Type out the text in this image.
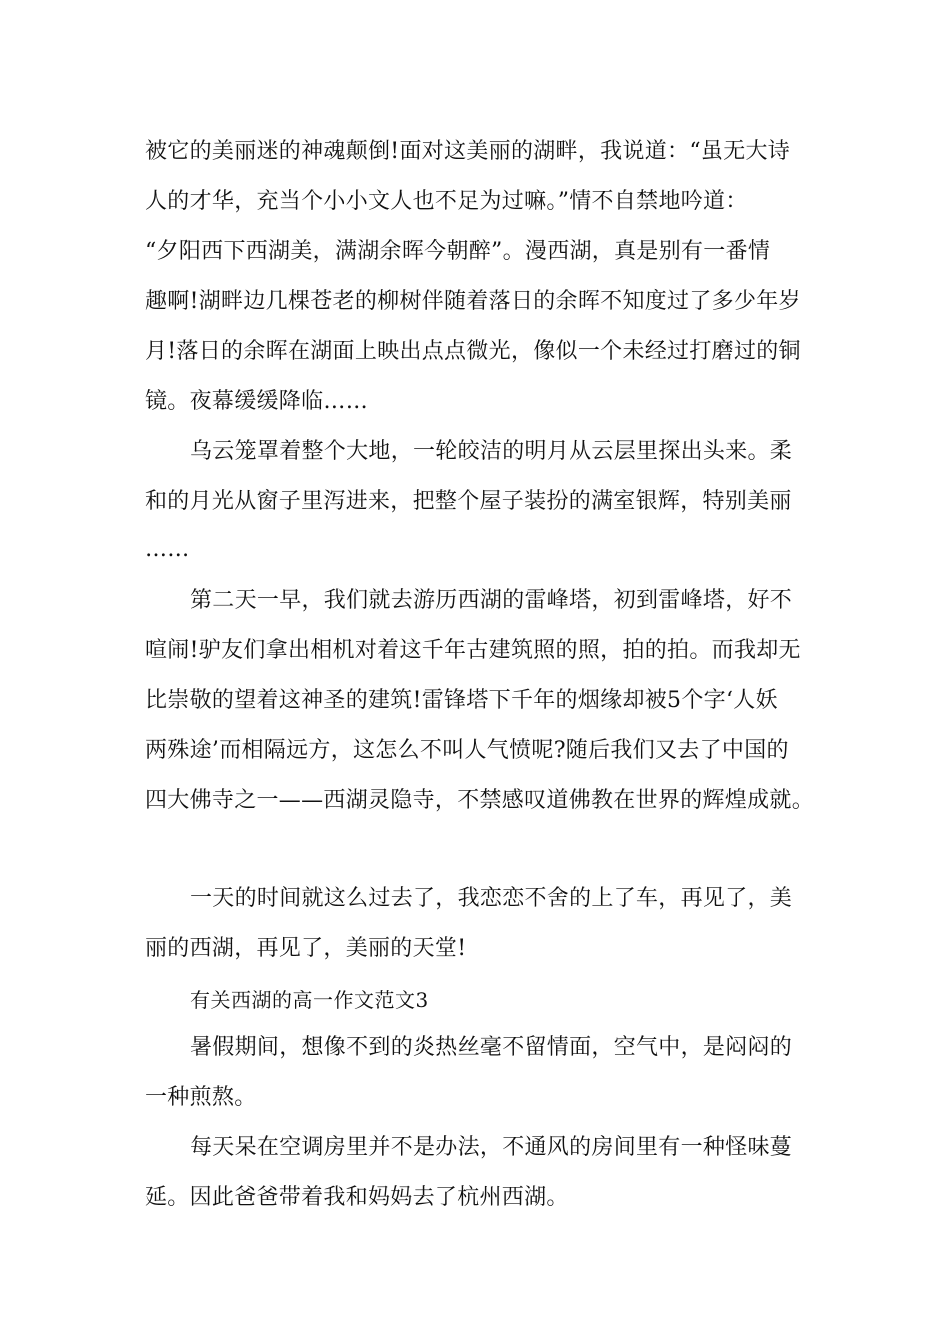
被它的美丽迷的神魂颠倒!面对这美丽的湖畔，我说道：“虽无大诗
人的才华，充当个小小文人也不足为过嘛。”情不自禁地吟道：
“夕阳西下西湖美，满湖余晖今朝醉”。漫西湖，真是别有一番情
趣啊!湖畔边几棵苍老的柳树伴随着落日的余晖不知度过了多少年岁
月!落日的余晖在湖面上映出点点微光，像似一个未经过打磨过的铜
镜。夜幕缓缓降临……
乌云笼罩着整个大地，一轮皎洁的明月从云层里探出头来。柔
和的月光从窗子里泻进来，把整个屋子装扮的满室银辉，特别美丽
……
第二天一早，我们就去游历西湖的雷峰塔，初到雷峰塔，好不
喧闹!驴友们拿出相机对着这千年古建筑照的照，拍的拍。而我却无
比崇敬的望着这神圣的建筑!雷锋塔下千年的烟缘却被5个字‘人妖
两殊途’而相隔远方，这怎么不叫人气愤呢?随后我们又去了中国的
四大佛寺之一——西湖灵隐寺，不禁感叹道佛教在世界的辉煌成就。
一天的时间就这么过去了，我恋恋不舍的上了车，再见了，美
丽的西湖，再见了，美丽的天堂!
有关西湖的高一作文范文3
暑假期间，想像不到的炎热丝毫不留情面，空气中，是闷闷的
一种煎熬。
每天呆在空调房里并不是办法，不通风的房间里有一种怪味蔓
延。因此爸爸带着我和妈妈去了杭州西湖。
